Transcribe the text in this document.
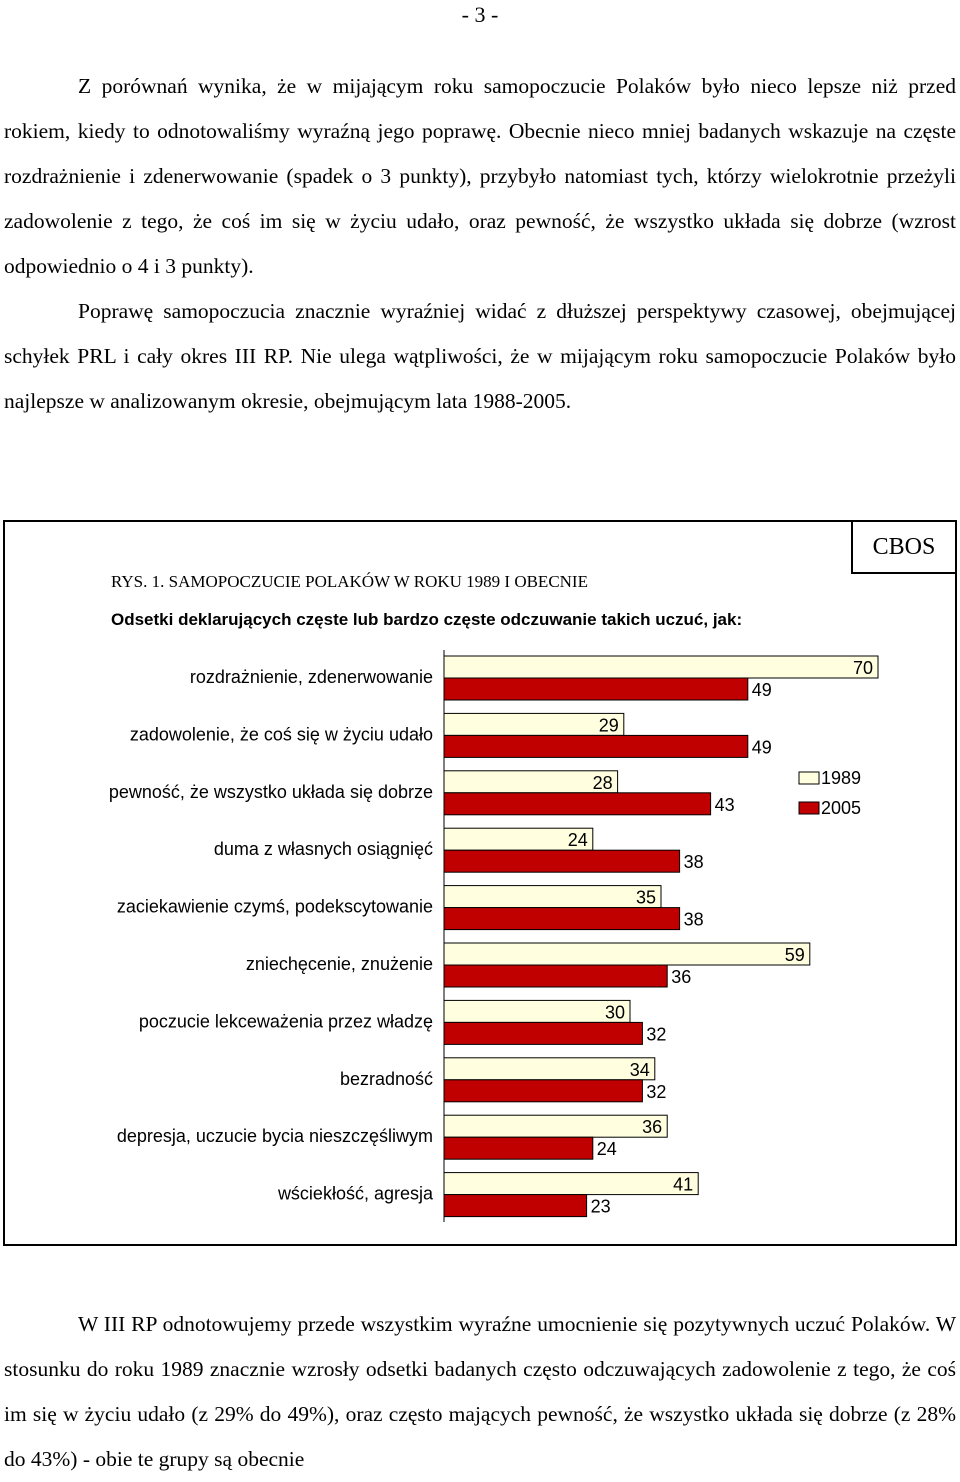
- 3 -

Z porównań wynika, że w mijającym roku samopoczucie Polaków było nieco lepsze niż przed rokiem, kiedy to odnotowaliśmy wyraźną jego poprawę. Obecnie nieco mniej badanych wskazuje na częste rozdrażnienie i zdenerwowanie (spadek o 3 punkty), przybyło natomiast tych, którzy wielokrotnie przeżyli zadowolenie z tego, że coś im się w życiu udało, oraz pewność, że wszystko układa się dobrze (wzrost odpowiednio o 4 i 3 punkty).

Poprawę samopoczucia znacznie wyraźniej widać z dłuższej perspektywy czasowej, obejmującej schyłek PRL i cały okres III RP. Nie ulega wątpliwości, że w mijającym roku samopoczucie Polaków było najlepsze w analizowanym okresie, obejmującym lata 1988-2005.

rozdrażnienie, zdenerwowanie	70
49
zadowolenie, że coś się w życiu udało	29
49
pewność, że wszystko układa się dobrze	28
43
duma z własnych osiągnięć	24
38
zaciekawienie czymś, podekscytowanie	35
38
zniechęcenie, znużenie	59
36
poczucie lekceważenia przez władzę	30
32
bezradność	34
32
depresja, uczucie bycia nieszczęśliwym	36
24
wściekłość, agresja	41
23
1989
2005
CBOS
RYS. 1. SAMOPOCZUCIE POLAKÓW W ROKU 1989 I OBECNIE
Odsetki deklarujących częste lub bardzo częste odczuwanie takich uczuć, jak:

W III RP odnotowujemy przede wszystkim wyraźne umocnienie się pozytywnych uczuć Polaków. W stosunku do roku 1989 znacznie wzrosły odsetki badanych często odczuwających zadowolenie z tego, że coś im się w życiu udało (z 29% do 49%), oraz często mających pewność, że wszystko układa się dobrze (z 28% do 43%) - obie te grupy są obecnie
